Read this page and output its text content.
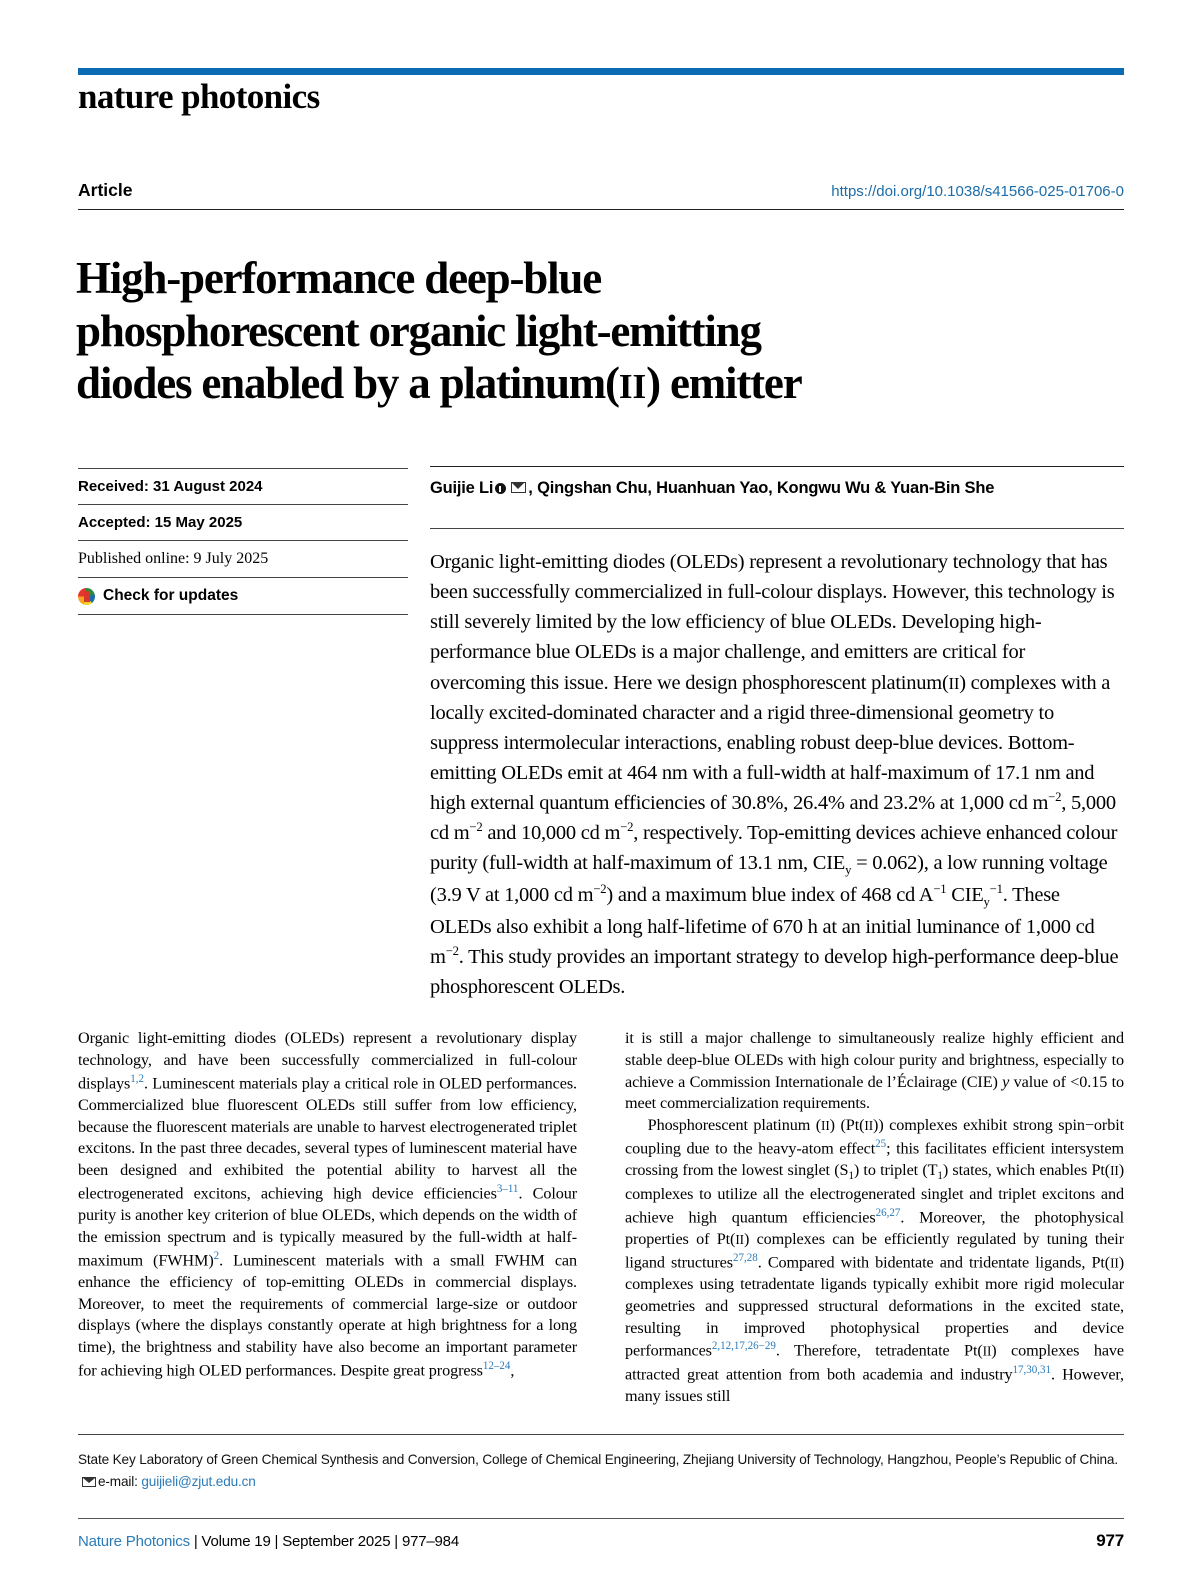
nature photonics
Article	https://doi.org/10.1038/s41566-025-01706-0
High-performance deep-blue
phosphorescent organic light-emitting
diodes enabled by a platinum(II) emitter
Received: 31 August 2024
Accepted: 15 May 2025
Published online: 9 July 2025
Check for updates
Guijie Li , Qingshan Chu, Huanhuan Yao, Kongwu Wu & Yuan-Bin She
Organic light-emitting diodes (OLEDs) represent a revolutionary technology that has been successfully commercialized in full-colour displays. However, this technology is still severely limited by the low efficiency of blue OLEDs. Developing high-performance blue OLEDs is a major challenge, and emitters are critical for overcoming this issue. Here we design phosphorescent platinum(II) complexes with a locally excited-dominated character and a rigid three-dimensional geometry to suppress intermolecular interactions, enabling robust deep-blue devices. Bottom-emitting OLEDs emit at 464 nm with a full-width at half-maximum of 17.1 nm and high external quantum efficiencies of 30.8%, 26.4% and 23.2% at 1,000 cd $m^{-2}$, 5,000 cd $m^{-2}$ and 10,000 cd $m^{-2}$, respectively. Top-emitting devices achieve enhanced colour purity (full-width at half-maximum of 13.1 nm, $CIE_y = 0.062$), a low running voltage (3.9 V at 1,000 cd $m^{-2}$) and a maximum blue index of 468 cd $A^{-1}$ $CIE_y^{-1}$. These OLEDs also exhibit a long half-lifetime of 670 h at an initial luminance of 1,000 cd $m^{-2}$. This study provides an important strategy to develop high-performance deep-blue phosphorescent OLEDs.

Organic light-emitting diodes (OLEDs) represent a revolutionary display technology, and have been successfully commercialized in full-colour displays$^{1,2}$. Luminescent materials play a critical role in OLED performances. Commercialized blue fluorescent OLEDs still suffer from low efficiency, because the fluorescent materials are unable to harvest electrogenerated triplet excitons. In the past three decades, several types of luminescent material have been designed and exhibited the potential ability to harvest all the electrogenerated excitons, achieving high device efficiencies$^{3-11}$. Colour purity is another key criterion of blue OLEDs, which depends on the width of the emission spectrum and is typically measured by the full-width at half-maximum (FWHM)$^2$. Luminescent materials with a small FWHM can enhance the efficiency of top-emitting OLEDs in commercial displays. Moreover, to meet the requirements of commercial large-size or outdoor displays (where the displays constantly operate at high brightness for a long time), the brightness and stability have also become an important parameter for achieving high OLED performances. Despite great progress$^{12-24}$,

it is still a major challenge to simultaneously realize highly efficient and stable deep-blue OLEDs with high colour purity and brightness, especially to achieve a Commission Internationale de l’Éclairage (CIE) y value of <0.15 to meet commercialization requirements.

Phosphorescent platinum (II) (Pt(II)) complexes exhibit strong spin−orbit coupling due to the heavy-atom effect$^{25}$; this facilitates efficient intersystem crossing from the lowest singlet $(S_1)$ to triplet $(T_1)$ states, which enables Pt(II) complexes to utilize all the electrogenerated singlet and triplet excitons and achieve high quantum efficiencies$^{26,27}$. Moreover, the photophysical properties of Pt(II) complexes can be efficiently regulated by tuning their ligand structures$^{27,28}$. Compared with bidentate and tridentate ligands, Pt(II) complexes using tetradentate ligands typically exhibit more rigid molecular geometries and suppressed structural deformations in the excited state, resulting in improved photophysical properties and device performances$^{2,12,17,26-29}$. Therefore, tetradentate Pt(II) complexes have attracted great attention from both academia and industry$^{17,30,31}$. However, many issues still

State Key Laboratory of Green Chemical Synthesis and Conversion, College of Chemical Engineering, Zhejiang University of Technology, Hangzhou, People’s Republic of China. e-mail: guijieli@zjut.edu.cn
Nature Photonics | Volume 19 | September 2025 | 977–984	977
